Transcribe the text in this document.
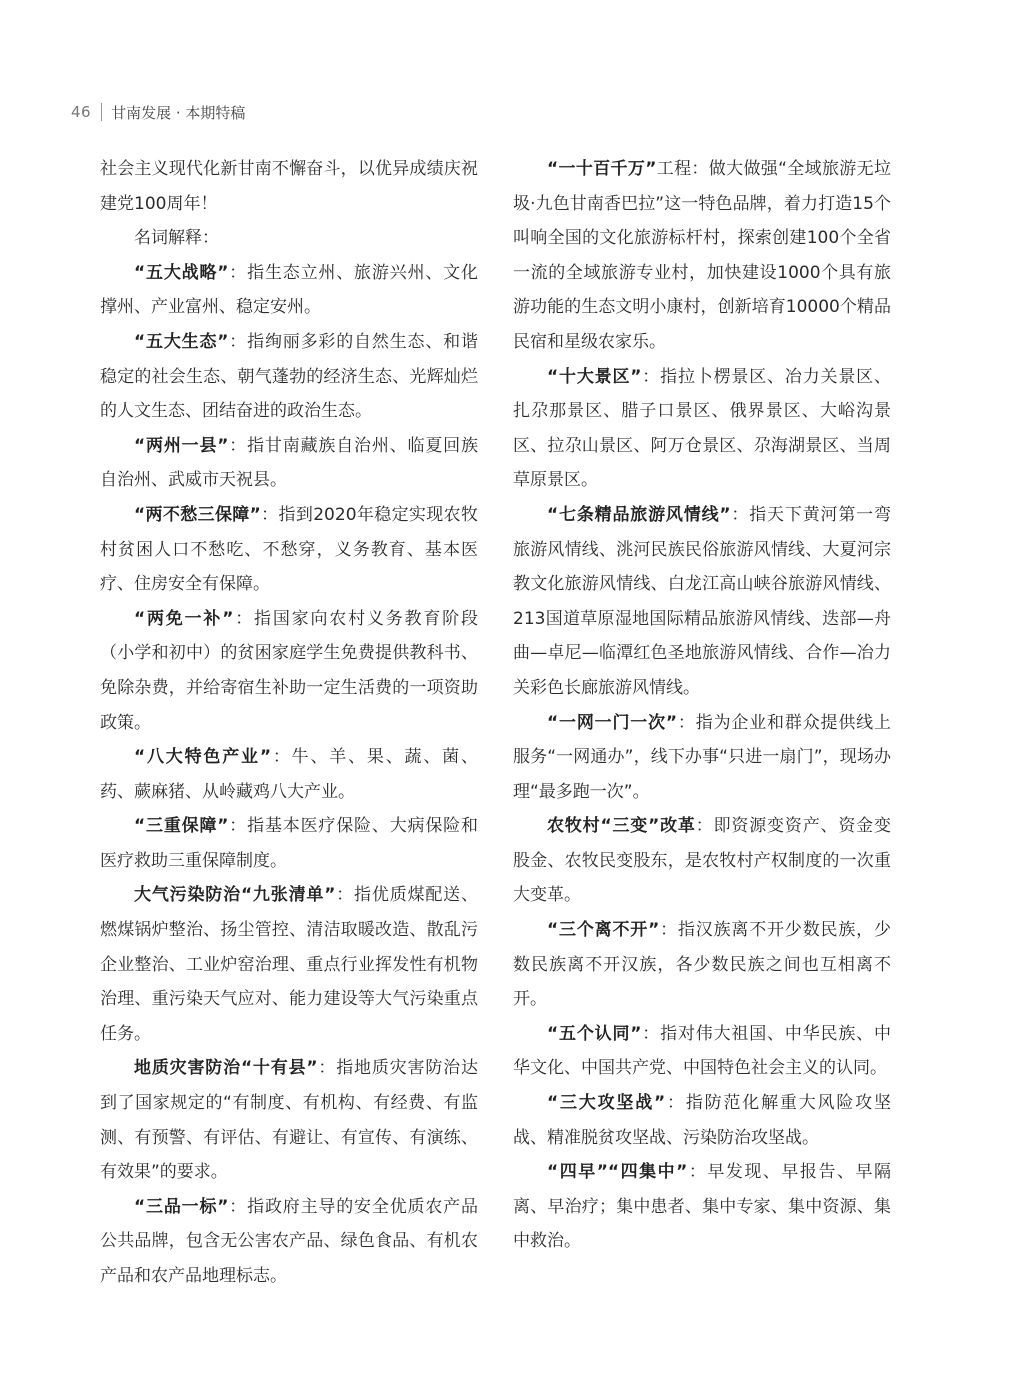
46 甘南发展 · 本期特稿

社会主义现代化新甘南不懈奋斗，以优异成绩庆祝建党100周年！

名词解释：

“五大战略”：指生态立州、旅游兴州、文化撑州、产业富州、稳定安州。

“五大生态”：指绚丽多彩的自然生态、和谐稳定的社会生态、朝气蓬勃的经济生态、光辉灿烂的人文生态、团结奋进的政治生态。

“两州一县”：指甘南藏族自治州、临夏回族自治州、武威市天祝县。

“两不愁三保障”：指到2020年稳定实现农牧村贫困人口不愁吃、不愁穿，义务教育、基本医疗、住房安全有保障。

“两免一补”：指国家向农村义务教育阶段（小学和初中）的贫困家庭学生免费提供教科书、免除杂费，并给寄宿生补助一定生活费的一项资助政策。

“八大特色产业”：牛、羊、果、蔬、菌、药、蕨麻猪、从岭藏鸡八大产业。

“三重保障”：指基本医疗保险、大病保险和医疗救助三重保障制度。

大气污染防治“九张清单”：指优质煤配送、燃煤锅炉整治、扬尘管控、清洁取暖改造、散乱污企业整治、工业炉窑治理、重点行业挥发性有机物治理、重污染天气应对、能力建设等大气污染重点任务。

地质灾害防治“十有县”：指地质灾害防治达到了国家规定的“有制度、有机构、有经费、有监测、有预警、有评估、有避让、有宣传、有演练、有效果”的要求。

“三品一标”：指政府主导的安全优质农产品公共品牌，包含无公害农产品、绿色食品、有机农产品和农产品地理标志。

“一十百千万”工程：做大做强“全域旅游无垃圾·九色甘南香巴拉”这一特色品牌，着力打造15个叫响全国的文化旅游标杆村，探索创建100个全省一流的全域旅游专业村，加快建设1000个具有旅游功能的生态文明小康村，创新培育10000个精品民宿和星级农家乐。

“十大景区”：指拉卜楞景区、冶力关景区、扎尕那景区、腊子口景区、俄界景区、大峪沟景区、拉尕山景区、阿万仓景区、尕海湖景区、当周草原景区。

“七条精品旅游风情线”：指天下黄河第一弯旅游风情线、洮河民族民俗旅游风情线、大夏河宗教文化旅游风情线、白龙江高山峡谷旅游风情线、213国道草原湿地国际精品旅游风情线、迭部—舟曲—卓尼—临潭红色圣地旅游风情线、合作—冶力关彩色长廊旅游风情线。

“一网一门一次”：指为企业和群众提供线上服务“一网通办”，线下办事“只进一扇门”，现场办理“最多跑一次”。

农牧村“三变”改革：即资源变资产、资金变股金、农牧民变股东，是农牧村产权制度的一次重大变革。

“三个离不开”：指汉族离不开少数民族，少数民族离不开汉族，各少数民族之间也互相离不开。

“五个认同”：指对伟大祖国、中华民族、中华文化、中国共产党、中国特色社会主义的认同。

“三大攻坚战”：指防范化解重大风险攻坚战、精准脱贫攻坚战、污染防治攻坚战。

“四早”“四集中”：早发现、早报告、早隔离、早治疗；集中患者、集中专家、集中资源、集中救治。
